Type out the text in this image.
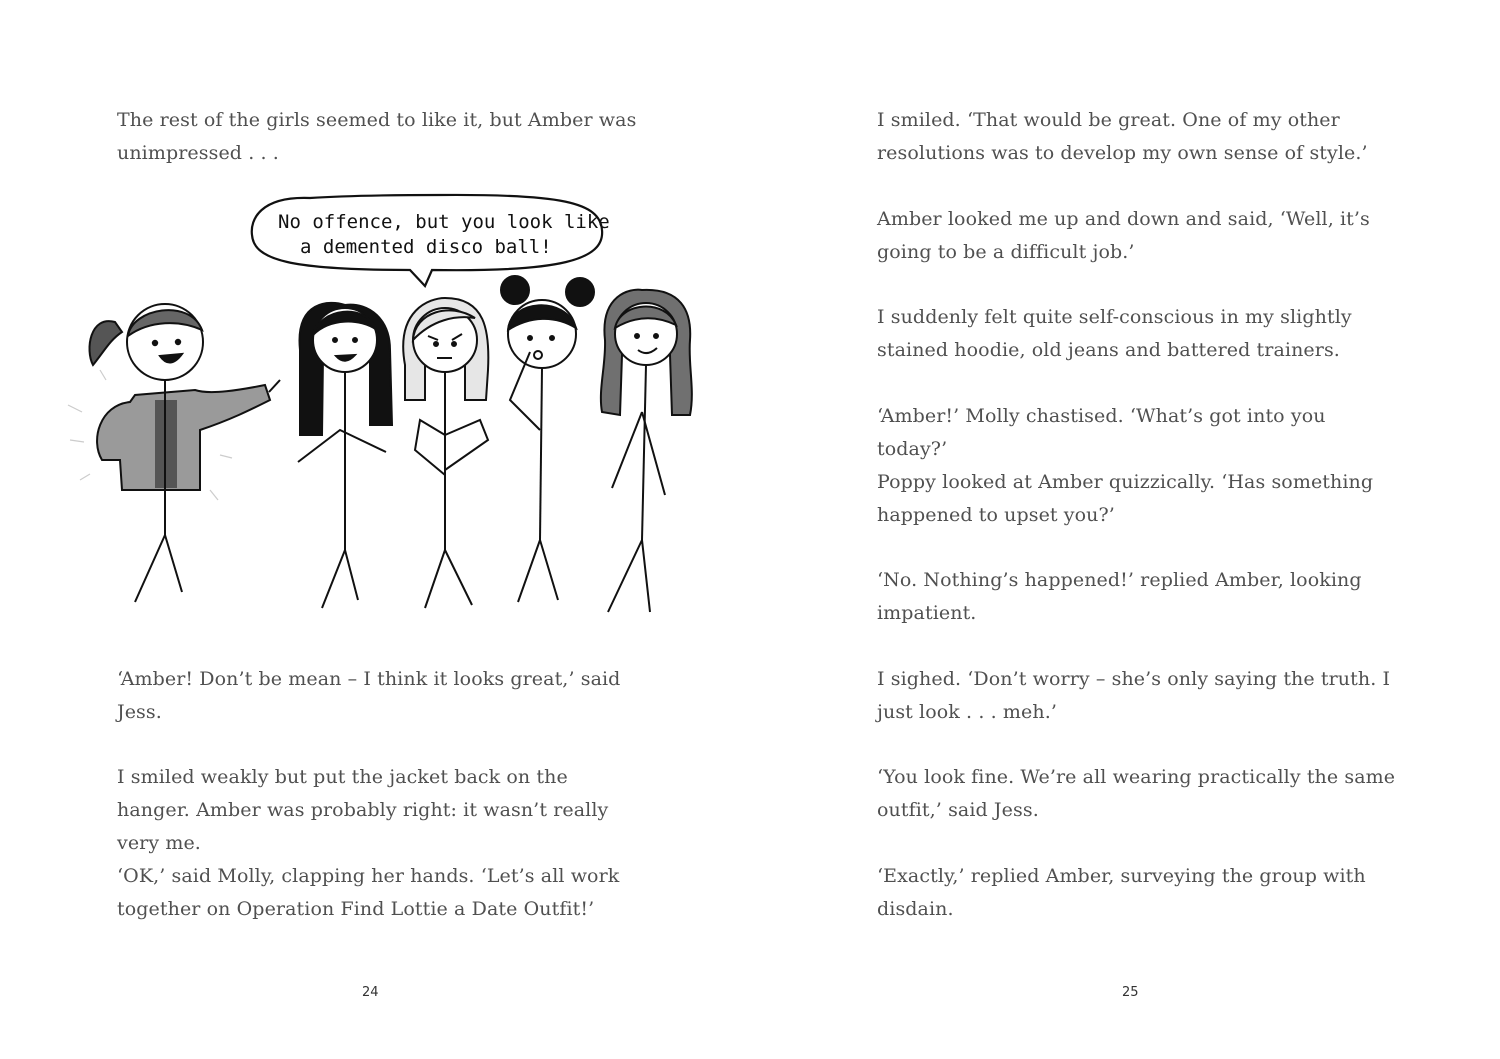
The rest of the girls seemed to like it, but Amber was unimpressed . . .

No offence, but you look like
a demented disco ball!

‘Amber! Don’t be mean – I think it looks great,’ said Jess.

I smiled weakly but put the jacket back on the hanger. Amber was probably right: it wasn’t really very me.

‘OK,’ said Molly, clapping her hands. ‘Let’s all work together on Operation Find Lottie a Date Outfit!’

24

I smiled. ‘That would be great. One of my other resolutions was to develop my own sense of style.’

Amber looked me up and down and said, ‘Well, it’s going to be a difficult job.’

I suddenly felt quite self-conscious in my slightly stained hoodie, old jeans and battered trainers.

‘Amber!’ Molly chastised. ‘What’s got into you today?’

Poppy looked at Amber quizzically. ‘Has something happened to upset you?’

‘No. Nothing’s happened!’ replied Amber, looking impatient.

I sighed. ‘Don’t worry – she’s only saying the truth. I just look . . . meh.’

‘You look fine. We’re all wearing practically the same outfit,’ said Jess.

‘Exactly,’ replied Amber, surveying the group with disdain.

25
